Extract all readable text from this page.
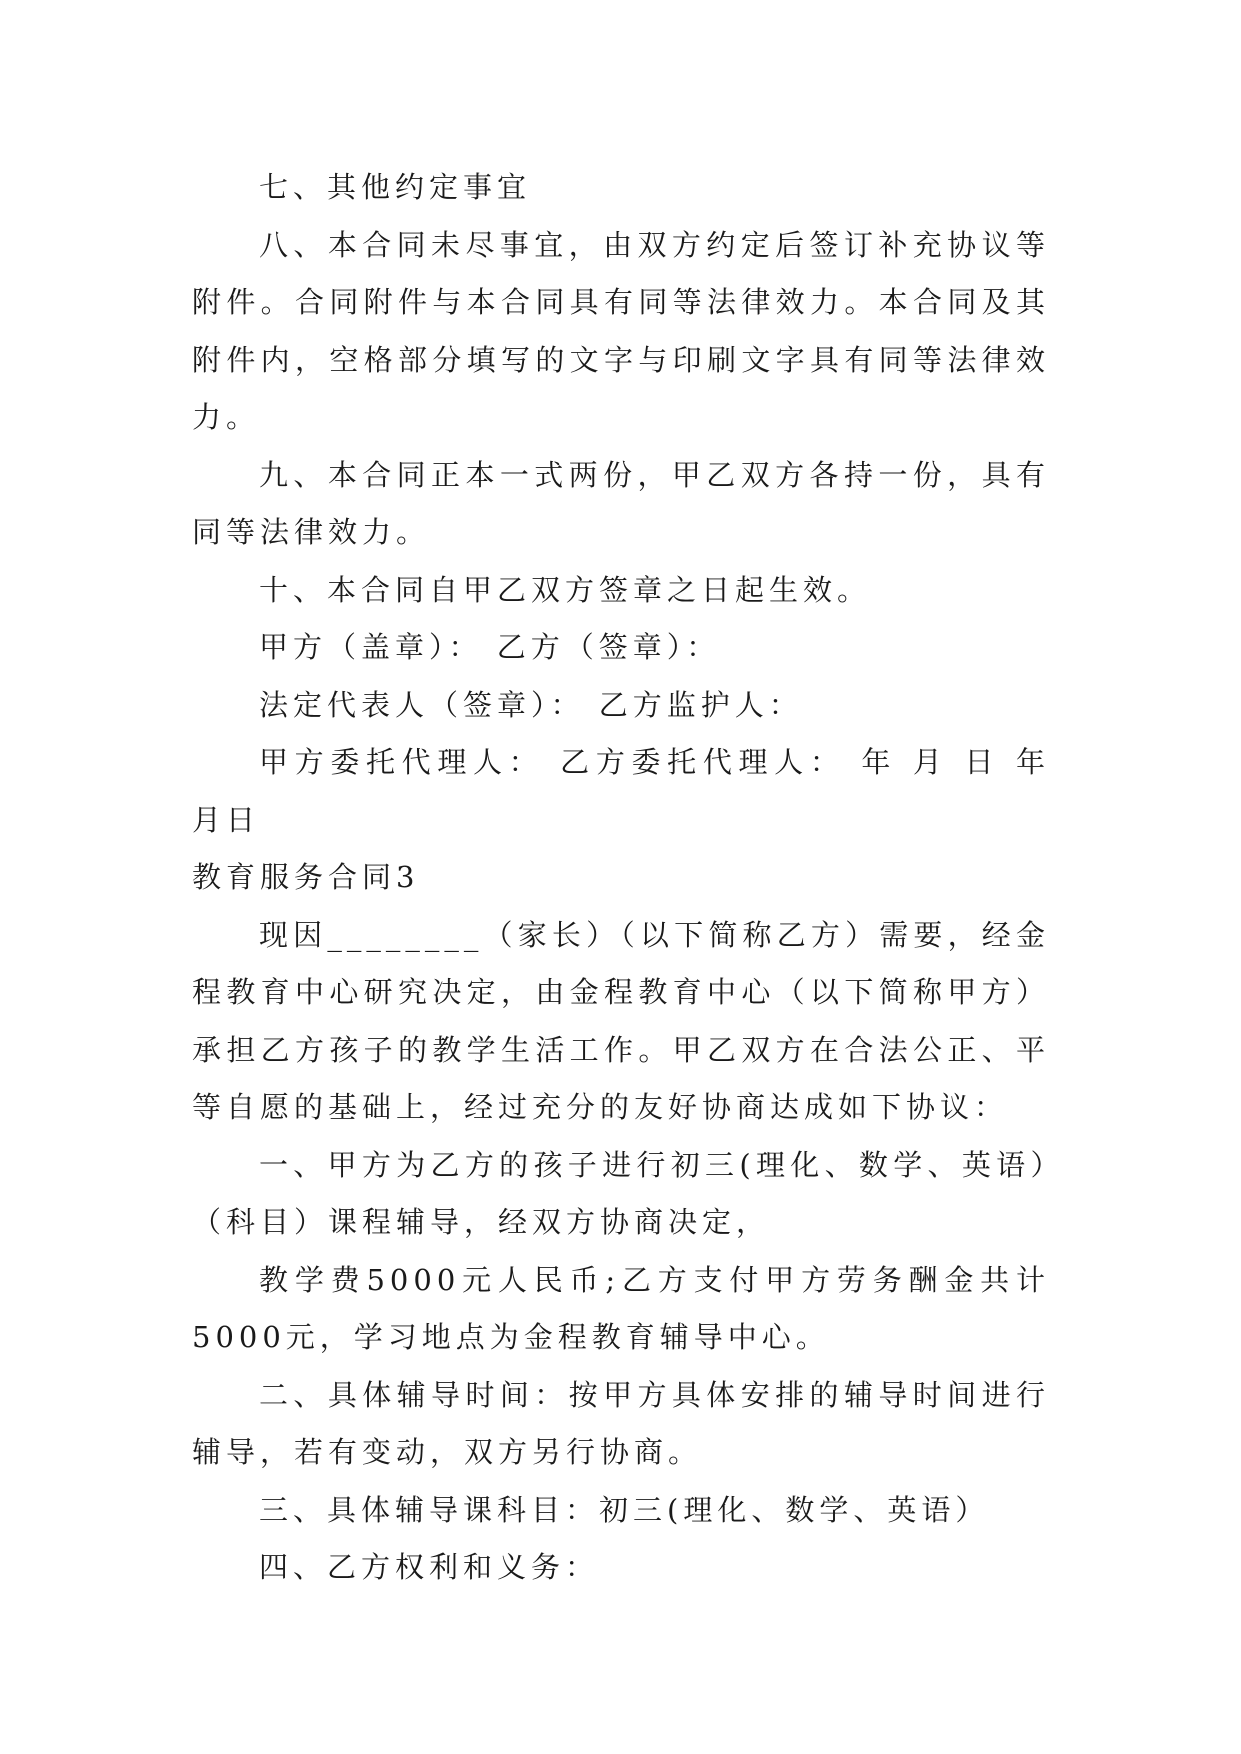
七、其他约定事宜

八、本合同未尽事宜，由双方约定后签订补充协议等附件。合同附件与本合同具有同等法律效力。本合同及其附件内，空格部分填写的文字与印刷文字具有同等法律效力。

九、本合同正本一式两份，甲乙双方各持一份，具有同等法律效力。

十、本合同自甲乙双方签章之日起生效。

甲方（盖章）： 乙方（签章）：

法定代表人（签章）： 乙方监护人：

甲方委托代理人： 乙方委托代理人： 年 月 日 年 月日

教育服务合同3

现因________（家长）（以下简称乙方）需要，经金程教育中心研究决定，由金程教育中心（以下简称甲方）承担乙方孩子的教学生活工作。甲乙双方在合法公正、平等自愿的基础上，经过充分的友好协商达成如下协议：

一、甲方为乙方的孩子进行初三(理化、数学、英语）（科目）课程辅导，经双方协商决定，

教学费5000元人民币;乙方支付甲方劳务酬金共计5000元，学习地点为金程教育辅导中心。

二、具体辅导时间：按甲方具体安排的辅导时间进行辅导，若有变动，双方另行协商。

三、具体辅导课科目：初三(理化、数学、英语）

四、乙方权利和义务：
